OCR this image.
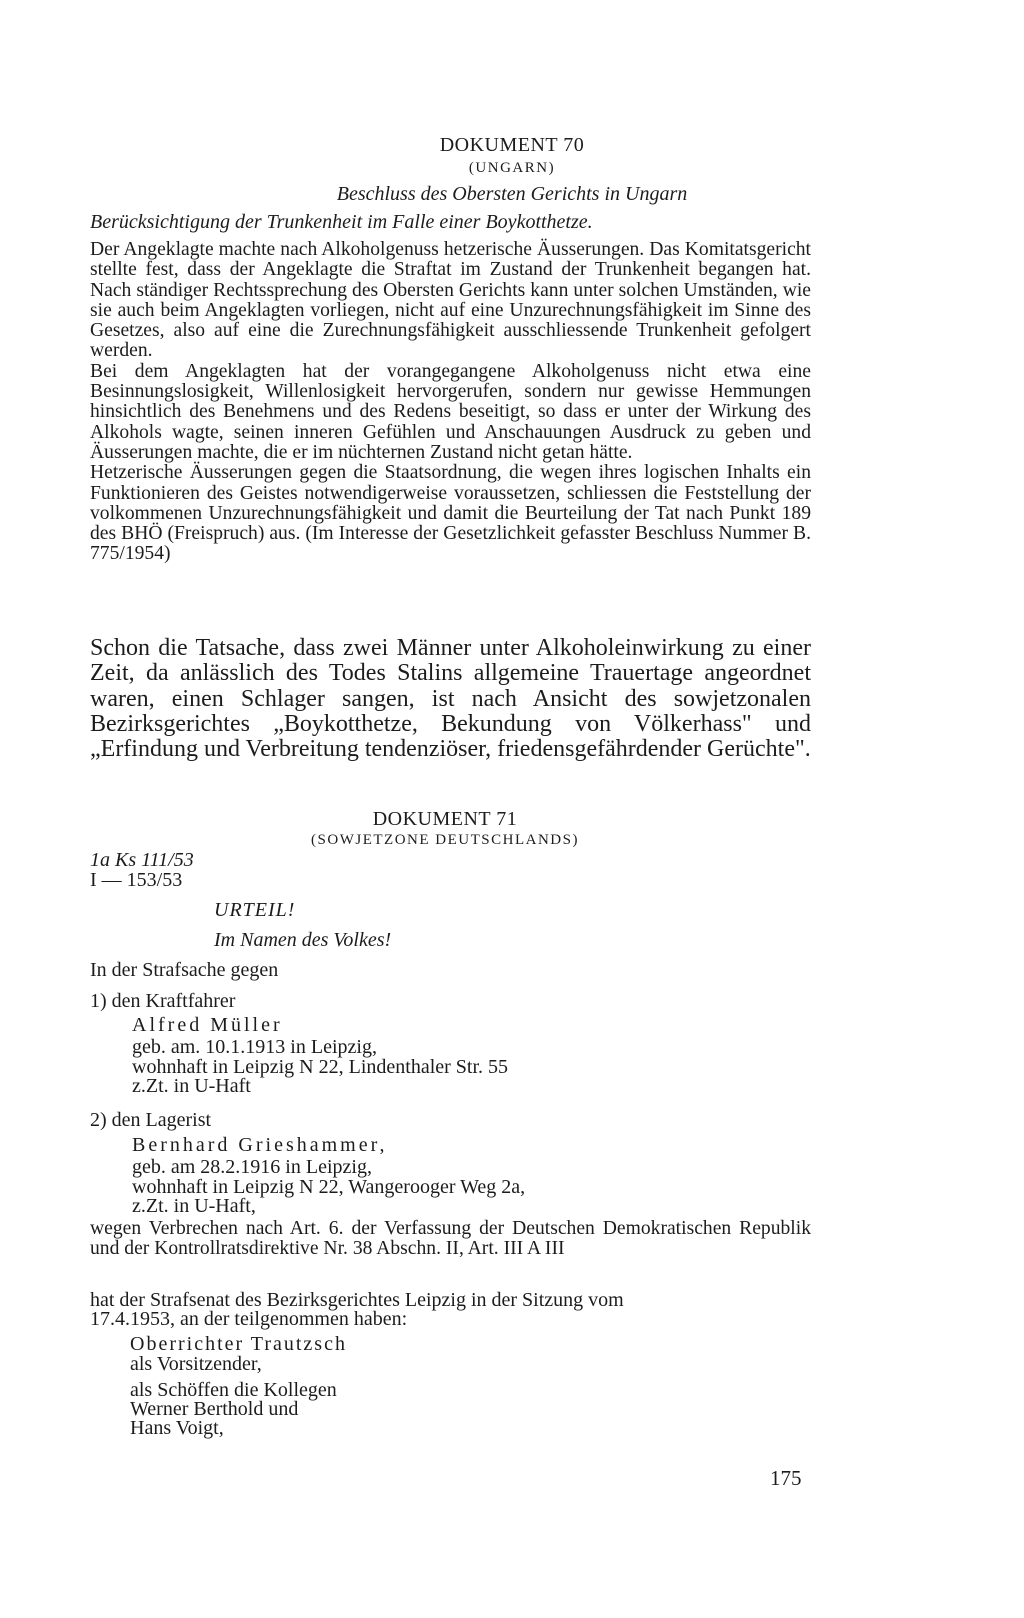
DOKUMENT 70
(UNGARN)
Beschluss des Obersten Gerichts in Ungarn
Berücksichtigung der Trunkenheit im Falle einer Boykotthetze.

Der Angeklagte machte nach Alkoholgenuss hetzerische Äusserungen. Das Komitatsgericht stellte fest, dass der Angeklagte die Straftat im Zustand der Trunkenheit begangen hat. Nach ständiger Rechtssprechung des Obersten Gerichts kann unter solchen Umständen, wie sie auch beim Angeklagten vorliegen, nicht auf eine Unzurechnungsfähigkeit im Sinne des Gesetzes, also auf eine die Zurechnungsfähigkeit ausschliessende Trunkenheit gefolgert werden.

Bei dem Angeklagten hat der vorangegangene Alkoholgenuss nicht etwa eine Besinnungslosigkeit, Willenlosigkeit hervorgerufen, sondern nur gewisse Hemmungen hinsichtlich des Benehmens und des Redens beseitigt, so dass er unter der Wirkung des Alkohols wagte, seinen inneren Gefühlen und Anschauungen Ausdruck zu geben und Äusserungen machte, die er im nüchternen Zustand nicht getan hätte.

Hetzerische Äusserungen gegen die Staatsordnung, die wegen ihres logischen Inhalts ein Funktionieren des Geistes notwendigerweise voraussetzen, schliessen die Feststellung der volkommenen Unzurechnungsfähigkeit und damit die Beurteilung der Tat nach Punkt 189 des BHÖ (Freispruch) aus. (Im Interesse der Gesetzlichkeit gefasster Beschluss Nummer B. 775/1954)

Schon die Tatsache, dass zwei Männer unter Alkoholeinwirkung zu einer Zeit, da anlässlich des Todes Stalins allgemeine Trauertage angeordnet waren, einen Schlager sangen, ist nach Ansicht des sowjetzonalen Bezirksgerichtes „Boykotthetze, Bekundung von Völkerhass" und „Erfindung und Verbreitung tendenziöser, friedensgefährdender Gerüchte".

DOKUMENT 71
(SOWJETZONE DEUTSCHLANDS)
1a Ks 111/53
I — 153/53
URTEIL!
Im Namen des Volkes!
In der Strafsache gegen
1) den Kraftfahrer
Alfred Müller
geb. am. 10.1.1913 in Leipzig,
wohnhaft in Leipzig N 22, Lindenthaler Str. 55
z.Zt. in U-Haft
2) den Lagerist
Bernhard Grieshammer,
geb. am 28.2.1916 in Leipzig,
wohnhaft in Leipzig N 22, Wangerooger Weg 2a,
z.Zt. in U-Haft,

wegen Verbrechen nach Art. 6. der Verfassung der Deutschen Demokratischen Republik und der Kontrollratsdirektive Nr. 38 Abschn. II, Art. III A III

hat der Strafsenat des Bezirksgerichtes Leipzig in der Sitzung vom
17.4.1953, an der teilgenommen haben:
Oberrichter Trautzsch
als Vorsitzender,
als Schöffen die Kollegen
Werner Berthold und
Hans Voigt,
175
